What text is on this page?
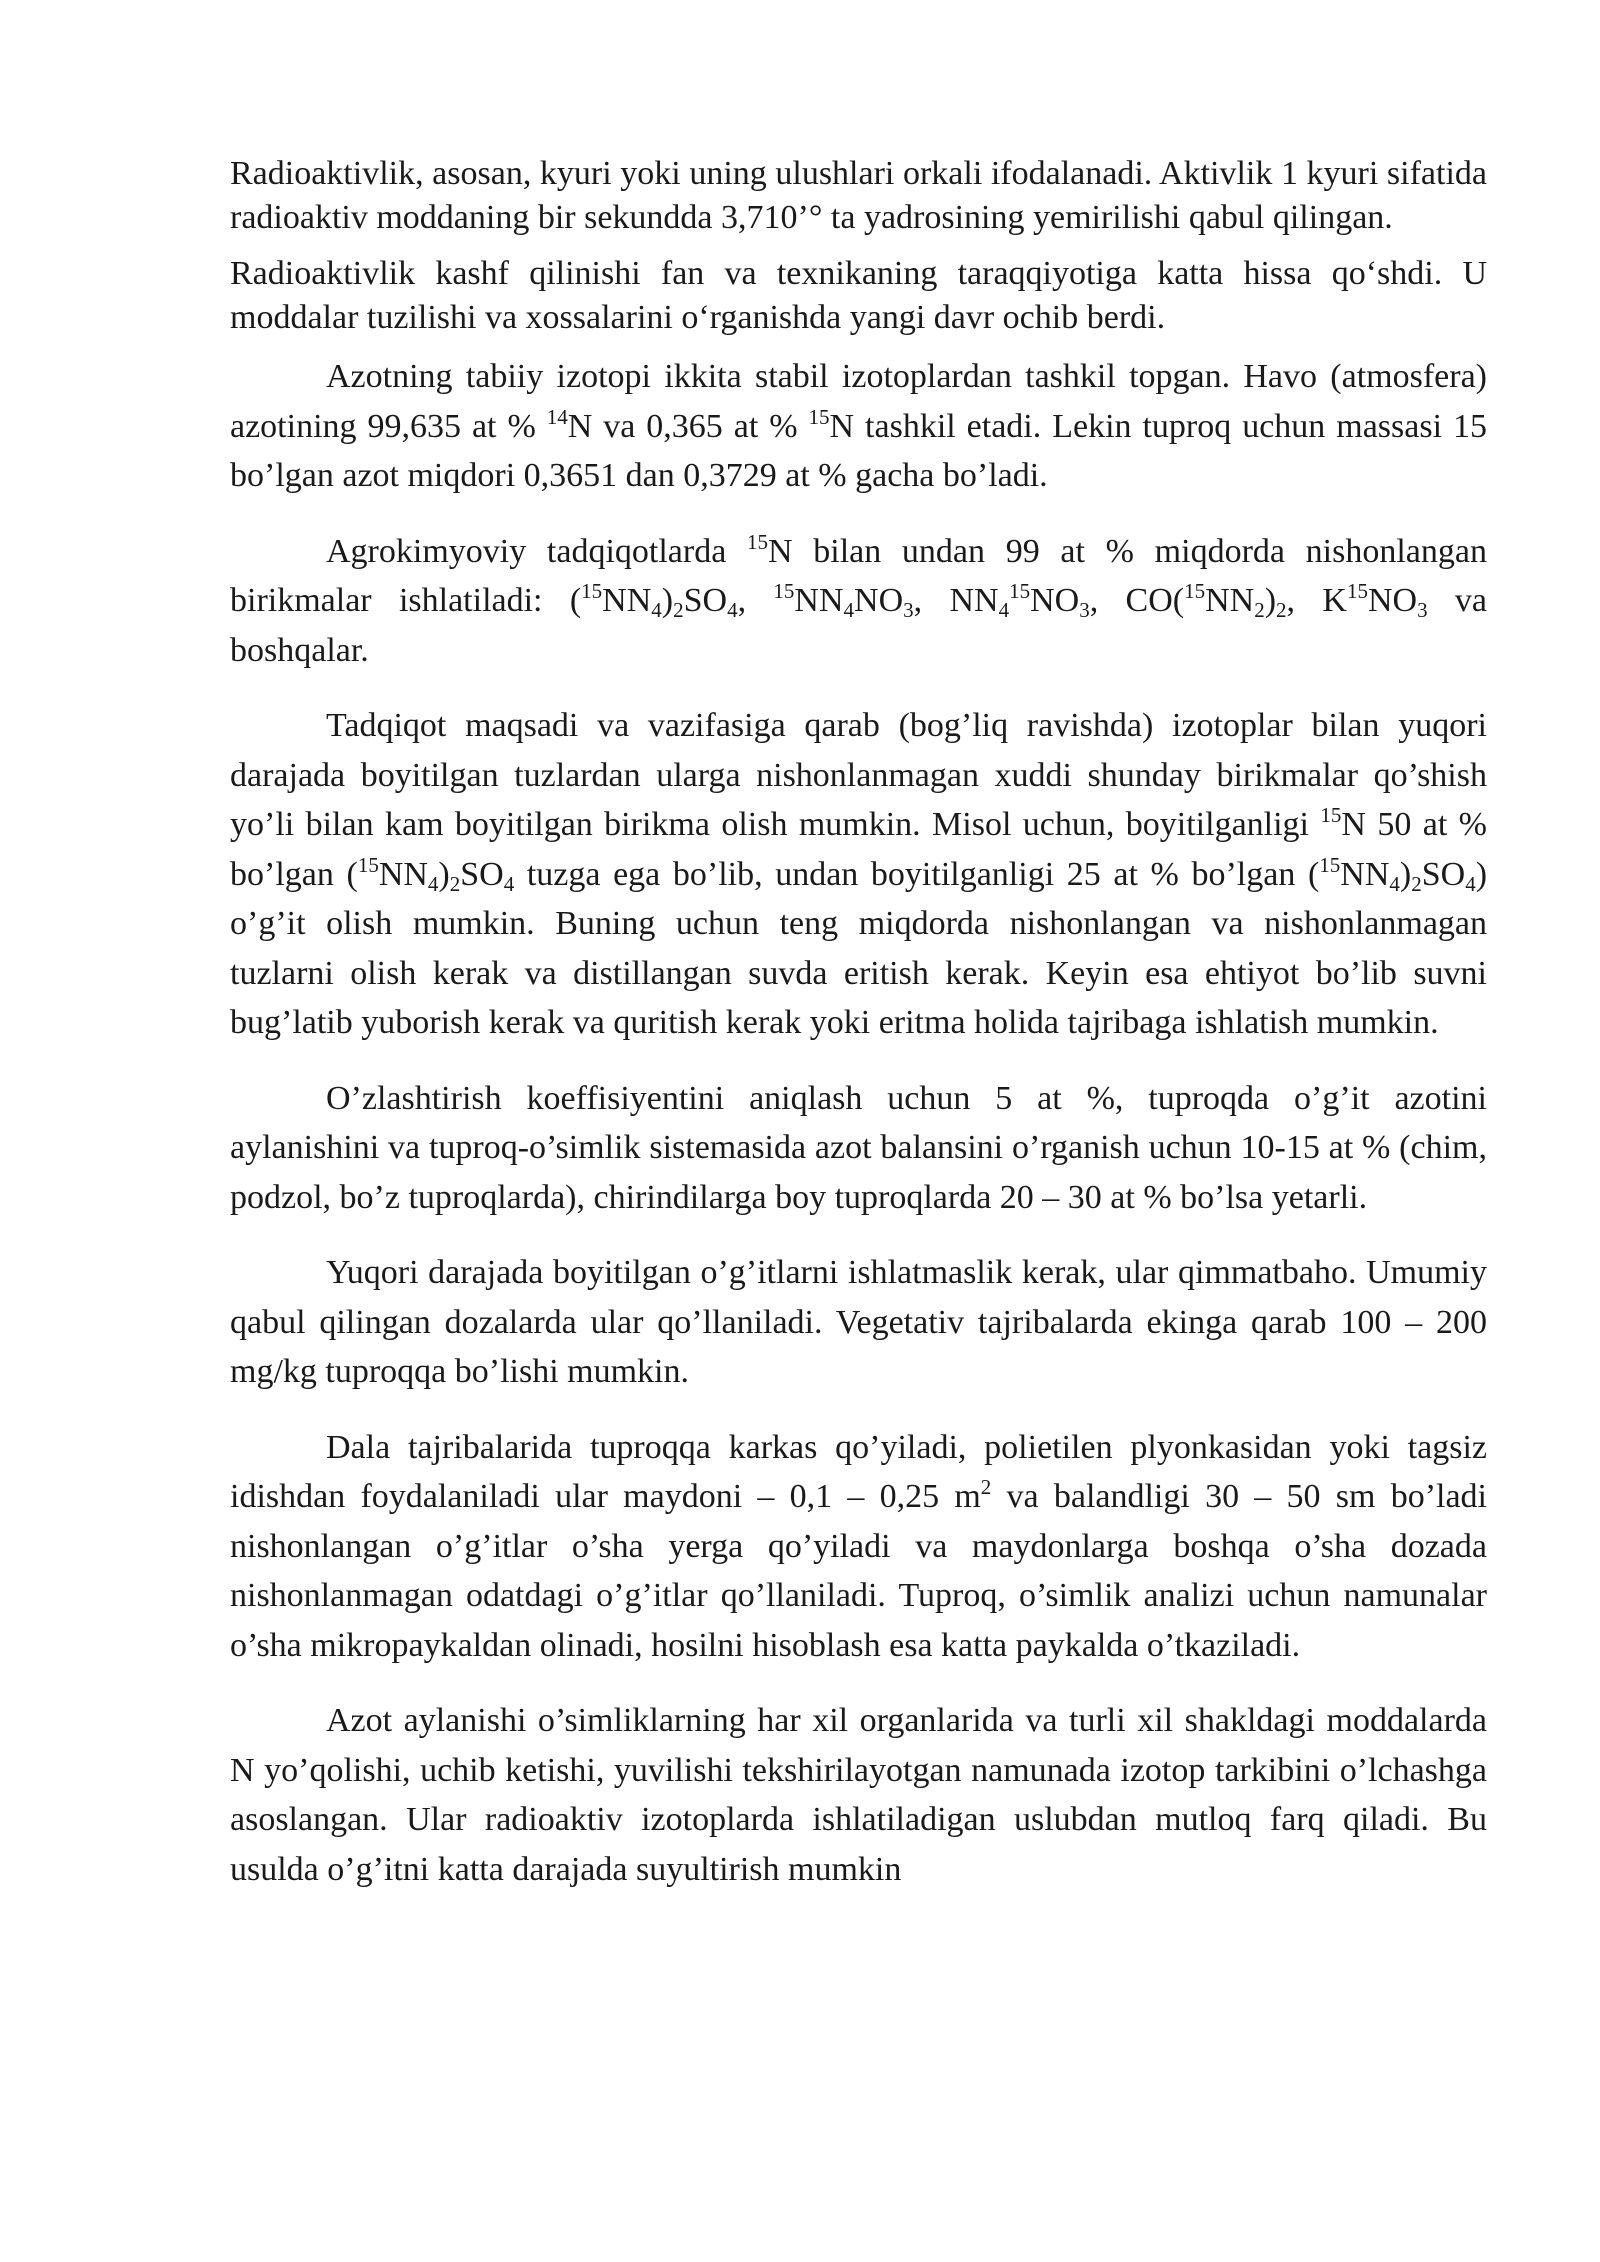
Radioaktivlik, asosan, kyuri yoki uning ulushlari orkali ifodalanadi. Aktivlik 1 kyuri sifatida radioaktiv moddaning bir sekundda 3,710’° ta yadrosining yemirilishi qabul qilingan.

Radioaktivlik kashf qilinishi fan va texnikaning taraqqiyotiga katta hissa qo‘shdi. U moddalar tuzilishi va xossalarini o‘rganishda yangi davr ochib berdi.

Azotning tabiiy izotopi ikkita stabil izotoplardan tashkil topgan. Havo (atmosfera) azotining 99,635 at % $^{14}$N va 0,365 at % $^{15}$N tashkil etadi. Lekin tuproq uchun massasi 15 bo’lgan azot miqdori 0,3651 dan 0,3729 at % gacha bo’ladi.

Agrokimyoviy tadqiqotlarda $^{15}$N bilan undan 99 at % miqdorda nishonlangan birikmalar ishlatiladi: $(^{15}NN_4)_2SO_4$, $^{15}NN_4NO_3$, $NN_4^{15}NO_3$, $CO(^{15}NN_2)_2$, $K^{15}NO_3$ va boshqalar.

Tadqiqot maqsadi va vazifasiga qarab (bog’liq ravishda) izotoplar bilan yuqori darajada boyitilgan tuzlardan ularga nishonlanmagan xuddi shunday birikmalar qo’shish yo’li bilan kam boyitilgan birikma olish mumkin. Misol uchun, boyitilganligi $^{15}$N 50 at % bo’lgan $(^{15}NN_4)_2SO_4$ tuzga ega bo’lib, undan boyitilganligi 25 at % bo’lgan $(^{15}NN_4)_2SO_4$) o’g’it olish mumkin. Buning uchun teng miqdorda nishonlangan va nishonlanmagan tuzlarni olish kerak va distillangan suvda eritish kerak. Keyin esa ehtiyot bo’lib suvni bug’latib yuborish kerak va quritish kerak yoki eritma holida tajribaga ishlatish mumkin.

O’zlashtirish koeffisiyentini aniqlash uchun 5 at %, tuproqda o’g’it azotini aylanishini va tuproq-o’simlik sistemasida azot balansini o’rganish uchun 10-15 at % (chim, podzol, bo’z tuproqlarda), chirindilarga boy tuproqlarda 20 – 30 at % bo’lsa yetarli.

Yuqori darajada boyitilgan o’g’itlarni ishlatmaslik kerak, ular qimmatbaho. Umumiy qabul qilingan dozalarda ular qo’llaniladi. Vegetativ tajribalarda ekinga qarab 100 – 200 mg/kg tuproqqa bo’lishi mumkin.

Dala tajribalarida tuproqqa karkas qo’yiladi, polietilen plyonkasidan yoki tagsiz idishdan foydalaniladi ular maydoni – 0,1 – 0,25 $m^2$ va balandligi 30 – 50 sm bo’ladi nishonlangan o’g’itlar o’sha yerga qo’yiladi va maydonlarga boshqa o’sha dozada nishonlanmagan odatdagi o’g’itlar qo’llaniladi. Tuproq, o’simlik analizi uchun namunalar o’sha mikropaykaldan olinadi, hosilni hisoblash esa katta paykalda o’tkaziladi.

Azot aylanishi o’simliklarning har xil organlarida va turli xil shakldagi moddalarda N yo’qolishi, uchib ketishi, yuvilishi tekshirilayotgan namunada izotop tarkibini o’lchashga asoslangan. Ular radioaktiv izotoplarda ishlatiladigan uslubdan mutloq farq qiladi. Bu usulda o’g’itni katta darajada suyultirish mumkin
